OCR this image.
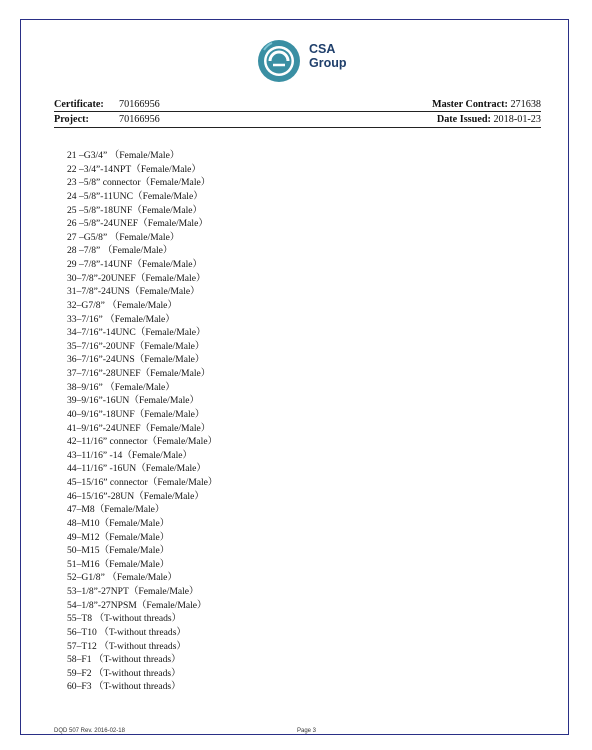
CSA
Group
Certificate: 70166956
Project:	70166956
Master Contract: 271638
Date Issued: 2018-01-23
21 –G3/4” （Female/Male）
22 –3/4”-14NPT（Female/Male）
23 –5/8” connector（Female/Male）
24 –5/8”-11UNC（Female/Male）
25 –5/8”-18UNF（Female/Male）
26 –5/8”-24UNEF（Female/Male）
27 –G5/8” （Female/Male）
28 –7/8” （Female/Male）
29 –7/8”-14UNF（Female/Male）
30–7/8”-20UNEF（Female/Male）
31–7/8”-24UNS（Female/Male）
32–G7/8” （Female/Male）
33–7/16” （Female/Male）
34–7/16”-14UNC（Female/Male）
35–7/16”-20UNF（Female/Male）
36–7/16”-24UNS（Female/Male）
37–7/16”-28UNEF（Female/Male）
38–9/16” （Female/Male）
39–9/16”-16UN（Female/Male）
40–9/16”-18UNF（Female/Male）
41–9/16”-24UNEF（Female/Male）
42–11/16” connector（Female/Male）
43–11/16” -14（Female/Male）
44–11/16” -16UN（Female/Male）
45–15/16” connector（Female/Male）
46–15/16”-28UN（Female/Male）
47–M8（Female/Male）
48–M10（Female/Male）
49–M12（Female/Male）
50–M15（Female/Male）
51–M16（Female/Male）
52–G1/8” （Female/Male）
53–1/8”-27NPT（Female/Male）
54–1/8”-27NPSM（Female/Male）
55–T8 （T-without threads）
56–T10 （T-without threads）
57–T12 （T-without threads）
58–F1 （T-without threads）
59–F2 （T-without threads）
60–F3 （T-without threads）
DQD 507 Rev. 2016-02-18	Page 3
